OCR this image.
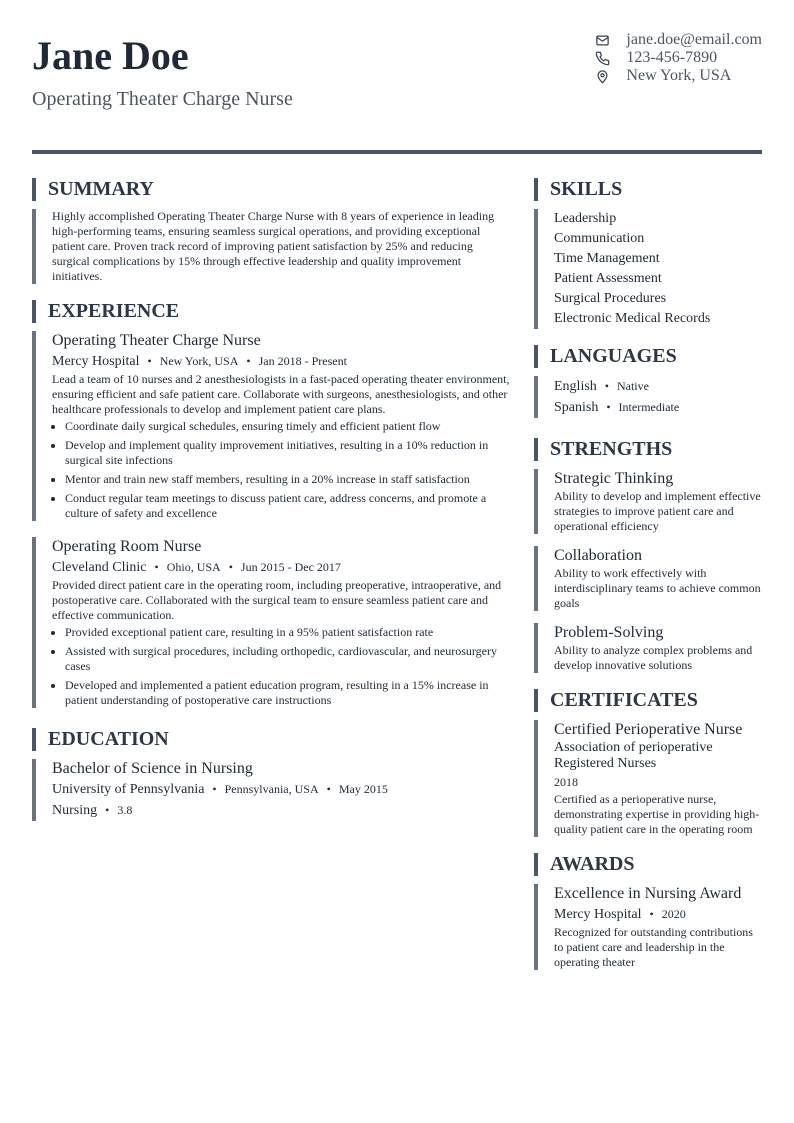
Jane Doe
Operating Theater Charge Nurse
jane.doe@email.com
123-456-7890
New York, USA
SUMMARY

Highly accomplished Operating Theater Charge Nurse with 8 years of experience in leading high-performing teams, ensuring seamless surgical operations, and providing exceptional patient care. Proven track record of improving patient satisfaction by 25% and reducing surgical complications by 15% through effective leadership and quality improvement initiatives.

EXPERIENCE
Operating Theater Charge Nurse
Mercy Hospital • New York, USA • Jan 2018 - Present

Lead a team of 10 nurses and 2 anesthesiologists in a fast-paced operating theater environment, ensuring efficient and safe patient care. Collaborate with surgeons, anesthesiologists, and other healthcare professionals to develop and implement patient care plans.

• Coordinate daily surgical schedules, ensuring timely and efficient patient flow
• Develop and implement quality improvement initiatives, resulting in a 10% reduction in surgical site infections
• Mentor and train new staff members, resulting in a 20% increase in staff satisfaction
• Conduct regular team meetings to discuss patient care, address concerns, and promote a culture of safety and excellence
Operating Room Nurse
Cleveland Clinic • Ohio, USA • Jun 2015 - Dec 2017

Provided direct patient care in the operating room, including preoperative, intraoperative, and postoperative care. Collaborated with the surgical team to ensure seamless patient care and effective communication.

• Provided exceptional patient care, resulting in a 95% patient satisfaction rate
• Assisted with surgical procedures, including orthopedic, cardiovascular, and neurosurgery cases
• Developed and implemented a patient education program, resulting in a 15% increase in patient understanding of postoperative care instructions
EDUCATION
Bachelor of Science in Nursing
University of Pennsylvania • Pennsylvania, USA • May 2015
Nursing • 3.8
SKILLS
Leadership
Communication
Time Management
Patient Assessment
Surgical Procedures
Electronic Medical Records
LANGUAGES
English • Native
Spanish • Intermediate
STRENGTHS
Strategic Thinking

Ability to develop and implement effective strategies to improve patient care and operational efficiency

Collaboration

Ability to work effectively with interdisciplinary teams to achieve common goals

Problem-Solving

Ability to analyze complex problems and develop innovative solutions

CERTIFICATES
Certified Perioperative Nurse
Association of perioperative Registered Nurses
2018

Certified as a perioperative nurse, demonstrating expertise in providing high-quality patient care in the operating room

AWARDS
Excellence in Nursing Award
Mercy Hospital • 2020

Recognized for outstanding contributions to patient care and leadership in the operating theater
